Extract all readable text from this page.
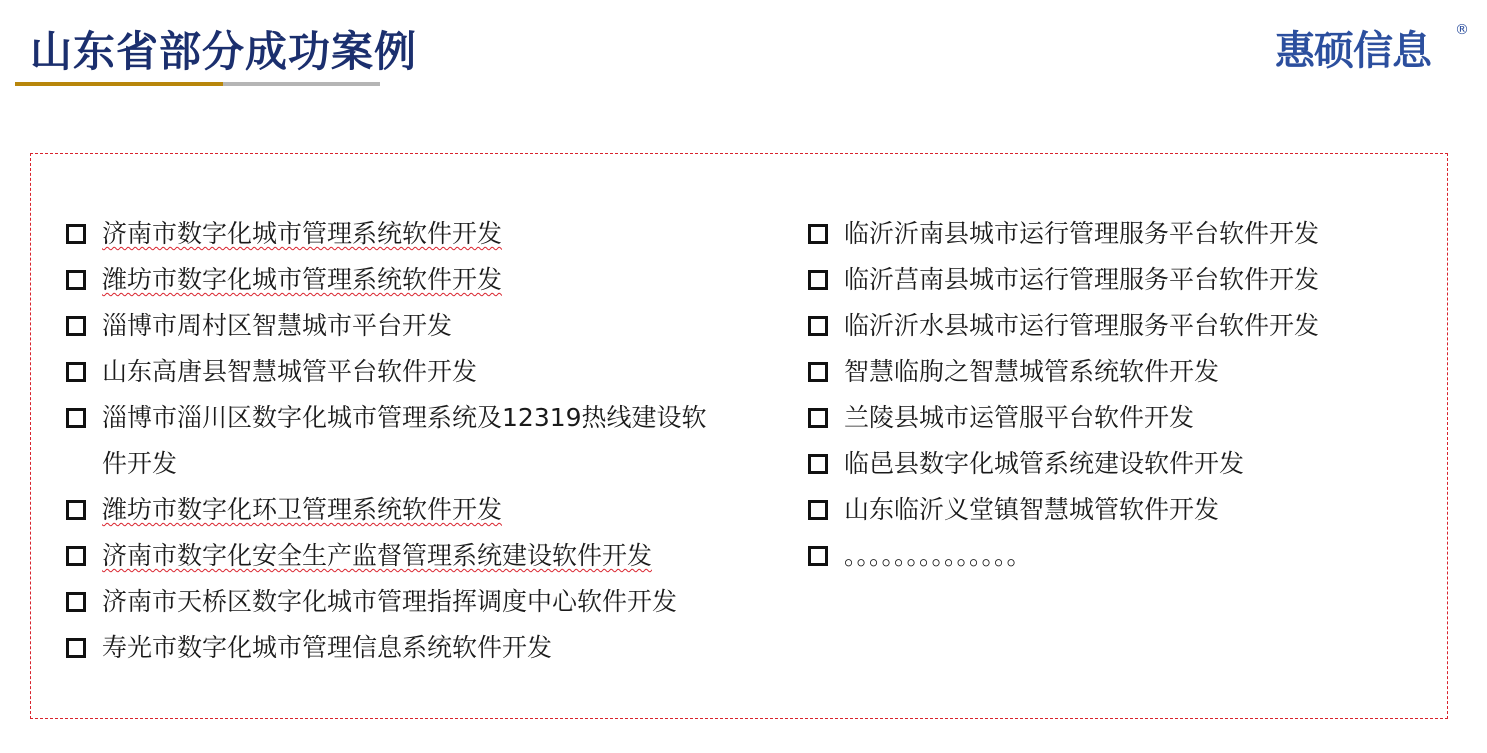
山东省部分成功案例	惠硕信息 ®
济南市数字化城市管理系统软件开发
潍坊市数字化城市管理系统软件开发
淄博市周村区智慧城市平台开发
山东高唐县智慧城管平台软件开发
淄博市淄川区数字化城市管理系统及12319热线建设软件开发
潍坊市数字化环卫管理系统软件开发
济南市数字化安全生产监督管理系统建设软件开发
济南市天桥区数字化城市管理指挥调度中心软件开发
寿光市数字化城市管理信息系统软件开发
临沂沂南县城市运行管理服务平台软件开发
临沂莒南县城市运行管理服务平台软件开发
临沂沂水县城市运行管理服务平台软件开发
智慧临朐之智慧城管系统软件开发
兰陵县城市运管服平台软件开发
临邑县数字化城管系统建设软件开发
山东临沂义堂镇智慧城管软件开发
。。。。。。。。。。。。。。
